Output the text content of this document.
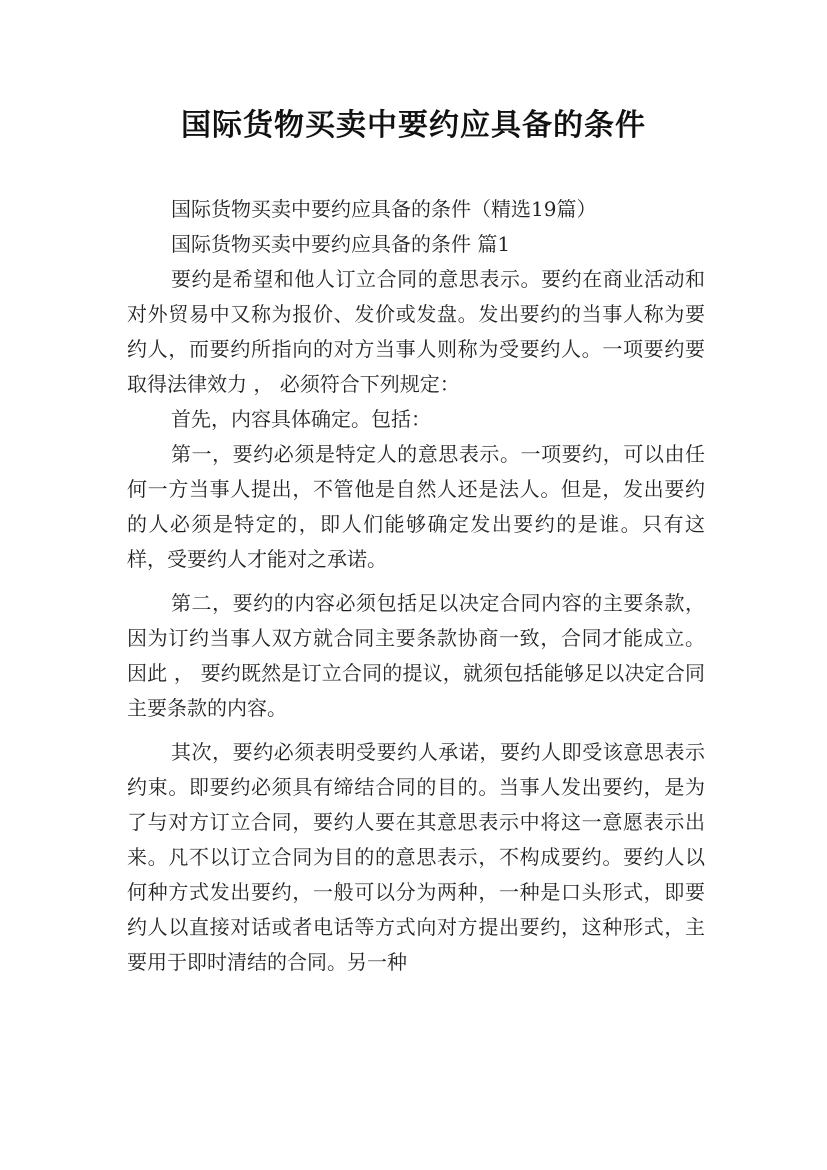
国际货物买卖中要约应具备的条件

国际货物买卖中要约应具备的条件（精选19篇）

国际货物买卖中要约应具备的条件 篇1

要约是希望和他人订立合同的意思表示。要约在商业活动和对外贸易中又称为报价、发价或发盘。发出要约的当事人称为要约人，而要约所指向的对方当事人则称为受要约人。一项要约要取得法律效力 ， 必须符合下列规定：

首先，内容具体确定。包括：

第一，要约必须是特定人的意思表示。一项要约，可以由任何一方当事人提出，不管他是自然人还是法人。但是，发出要约的人必须是特定的，即人们能够确定发出要约的是谁。只有这样，受要约人才能对之承诺。

第二，要约的内容必须包括足以决定合同内容的主要条款，因为订约当事人双方就合同主要条款协商一致，合同才能成立。因此 ， 要约既然是订立合同的提议，就须包括能够足以决定合同主要条款的内容。

其次，要约必须表明受要约人承诺，要约人即受该意思表示约束。即要约必须具有缔结合同的目的。当事人发出要约，是为了与对方订立合同，要约人要在其意思表示中将这一意愿表示出来。凡不以订立合同为目的的意思表示，不构成要约。要约人以何种方式发出要约，一般可以分为两种，一种是口头形式，即要约人以直接对话或者电话等方式向对方提出要约，这种形式，主要用于即时清结的合同。另一种
